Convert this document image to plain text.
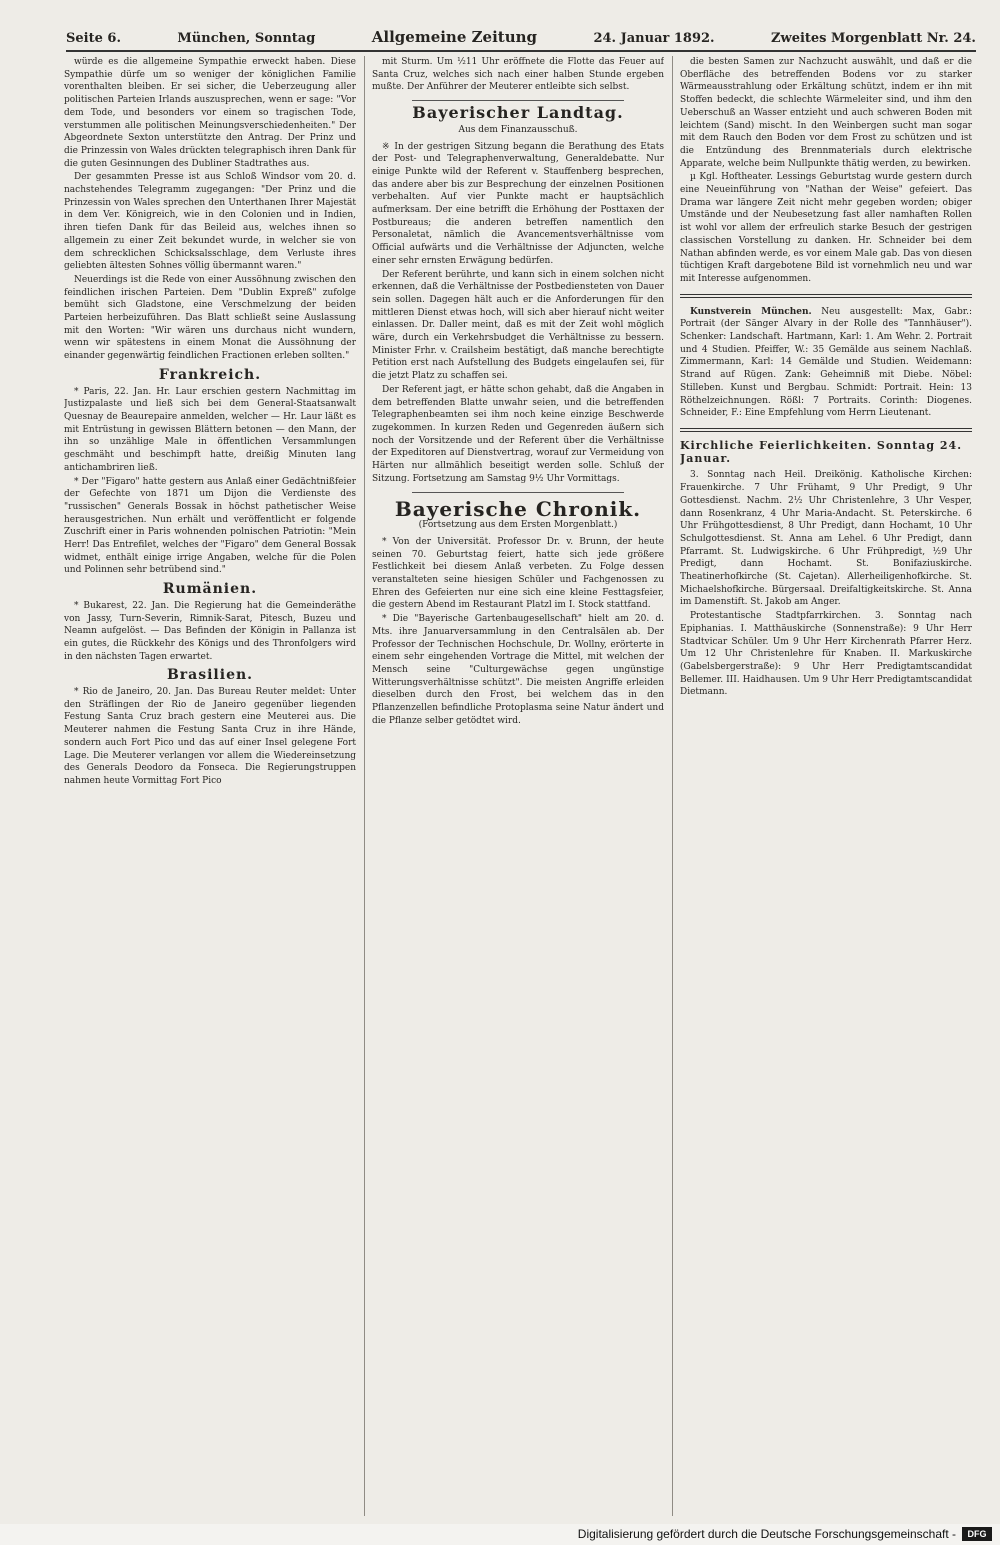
Seite 6.	München, Sonntag	Allgemeine Zeitung	24. Januar 1892.	Zweites Morgenblatt Nr. 24.

würde es die allgemeine Sympathie erweckt haben. Diese Sympathie dürfe um so weniger der königlichen Familie vorenthalten bleiben. Er sei sicher, die Ueberzeugung aller politischen Parteien Irlands auszusprechen, wenn er sage: "Vor dem Tode, und besonders vor einem so tragischen Tode, verstummen alle politischen Meinungsverschiedenheiten." Der Abgeordnete Sexton unterstützte den Antrag. Der Prinz und die Prinzessin von Wales drückten telegraphisch ihren Dank für die guten Gesinnungen des Dubliner Stadtrathes aus.

Der gesammten Presse ist aus Schloß Windsor vom 20. d. nachstehendes Telegramm zugegangen: "Der Prinz und die Prinzessin von Wales sprechen den Unterthanen Ihrer Majestät in dem Ver. Königreich, wie in den Colonien und in Indien, ihren tiefen Dank für das Beileid aus, welches ihnen so allgemein zu einer Zeit bekundet wurde, in welcher sie von dem schrecklichen Schicksalsschlage, dem Verluste ihres geliebten ältesten Sohnes völlig übermannt waren."

Neuerdings ist die Rede von einer Aussöhnung zwischen den feindlichen irischen Parteien. Dem "Dublin Expreß" zufolge bemüht sich Gladstone, eine Verschmelzung der beiden Parteien herbeizuführen. Das Blatt schließt seine Auslassung mit den Worten: "Wir wären uns durchaus nicht wundern, wenn wir spätestens in einem Monat die Aussöhnung der einander gegenwärtig feindlichen Fractionen erleben sollten."

Frankreich.

* Paris, 22. Jan. Hr. Laur erschien gestern Nachmittag im Justizpalaste und ließ sich bei dem General-Staatsanwalt Quesnay de Beaurepaire anmelden, welcher — Hr. Laur läßt es mit Entrüstung in gewissen Blättern betonen — den Mann, der ihn so unzählige Male in öffentlichen Versammlungen geschmäht und beschimpft hatte, dreißig Minuten lang antichambriren ließ.

* Der "Figaro" hatte gestern aus Anlaß einer Gedächtnißfeier der Gefechte von 1871 um Dijon die Verdienste des "russischen" Generals Bossak in höchst pathetischer Weise herausgestrichen. Nun erhält und veröffentlicht er folgende Zuschrift einer in Paris wohnenden polnischen Patriotin: "Mein Herr! Das Entrefilet, welches der "Figaro" dem General Bossak widmet, enthält einige irrige Angaben, welche für die Polen und Polinnen sehr betrübend sind."

Rumänien.

* Bukarest, 22. Jan. Die Regierung hat die Gemeinderäthe von Jassy, Turn-Severin, Rimnik-Sarat, Pitesch, Buzeu und Neamn aufgelöst. — Das Befinden der Königin in Pallanza ist ein gutes, die Rückkehr des Königs und des Thronfolgers wird in den nächsten Tagen erwartet.

Brasilien.

* Rio de Janeiro, 20. Jan. Das Bureau Reuter meldet: Unter den Sträflingen der Rio de Janeiro gegenüber liegenden Festung Santa Cruz brach gestern eine Meuterei aus. Die Meuterer nahmen die Festung Santa Cruz in ihre Hände, sondern auch Fort Pico und das auf einer Insel gelegene Fort Lage. Die Meuterer verlangen vor allem die Wiedereinsetzung des Generals Deodoro da Fonseca. Die Regierungstruppen nahmen heute Vormittag Fort Pico

mit Sturm. Um ½11 Uhr eröffnete die Flotte das Feuer auf Santa Cruz, welches sich nach einer halben Stunde ergeben mußte. Der Anführer der Meuterer entleibte sich selbst.

Bayerischer Landtag.
Aus dem Finanzausschuß.

※ In der gestrigen Sitzung begann die Berathung des Etats der Post- und Telegraphenverwaltung, Generaldebatte. Nur einige Punkte wild der Referent v. Stauffenberg besprechen, das andere aber bis zur Besprechung der einzelnen Positionen verbehalten. Auf vier Punkte macht er hauptsächlich aufmerksam. Der eine betrifft die Erhöhung der Posttaxen der Postbureaus; die anderen betreffen namentlich den Personaletat, nämlich die Avancementsverhältnisse vom Official aufwärts und die Verhältnisse der Adjuncten, welche einer sehr ernsten Erwägung bedürfen.

Der Referent berührte, und kann sich in einem solchen nicht erkennen, daß die Verhältnisse der Postbediensteten von Dauer sein sollen. Dagegen hält auch er die Anforderungen für den mittleren Dienst etwas hoch, will sich aber hierauf nicht weiter einlassen. Dr. Daller meint, daß es mit der Zeit wohl möglich wäre, durch ein Verkehrsbudget die Verhältnisse zu bessern. Minister Frhr. v. Crailsheim bestätigt, daß manche berechtigte Petition erst nach Aufstellung des Budgets eingelaufen sei, für die jetzt Platz zu schaffen sei.

Der Referent jagt, er hätte schon gehabt, daß die Angaben in dem betreffenden Blatte unwahr seien, und die betreffenden Telegraphenbeamten sei ihm noch keine einzige Beschwerde zugekommen. In kurzen Reden und Gegenreden äußern sich noch der Vorsitzende und der Referent über die Verhältnisse der Expeditoren auf Dienstvertrag, worauf zur Vermeidung von Härten nur allmählich beseitigt werden solle. Schluß der Sitzung. Fortsetzung am Samstag 9½ Uhr Vormittags.

Bayerische Chronik.
(Fortsetzung aus dem Ersten Morgenblatt.)

* Von der Universität. Professor Dr. v. Brunn, der heute seinen 70. Geburtstag feiert, hatte sich jede größere Festlichkeit bei diesem Anlaß verbeten. Zu Folge dessen veranstalteten seine hiesigen Schüler und Fachgenossen zu Ehren des Gefeierten nur eine sich eine kleine Festtagsfeier, die gestern Abend im Restaurant Platzl im I. Stock stattfand.

* Die "Bayerische Gartenbaugesellschaft" hielt am 20. d. Mts. ihre Januarversammlung in den Centralsälen ab. Der Professor der Technischen Hochschule, Dr. Wollny, erörterte in einem sehr eingehenden Vortrage die Mittel, mit welchen der Mensch seine "Culturgewächse gegen ungünstige Witterungsverhältnisse schützt". Die meisten Angriffe erleiden dieselben durch den Frost, bei welchem das in den Pflanzenzellen befindliche Protoplasma seine Natur ändert und die Pflanze selber getödtet wird.

die besten Samen zur Nachzucht auswählt, und daß er die Oberfläche des betreffenden Bodens vor zu starker Wärmeausstrahlung oder Erkältung schützt, indem er ihn mit Stoffen bedeckt, die schlechte Wärmeleiter sind, und ihm den Ueberschuß an Wasser entzieht und auch schweren Boden mit leichtem (Sand) mischt. In den Weinbergen sucht man sogar mit dem Rauch den Boden vor dem Frost zu schützen und ist die Entzündung des Brennmaterials durch elektrische Apparate, welche beim Nullpunkte thätig werden, zu bewirken.

µ Kgl. Hoftheater. Lessings Geburtstag wurde gestern durch eine Neueinführung von "Nathan der Weise" gefeiert. Das Drama war längere Zeit nicht mehr gegeben worden; obiger Umstände und der Neubesetzung fast aller namhaften Rollen ist wohl vor allem der erfreulich starke Besuch der gestrigen classischen Vorstellung zu danken. Hr. Schneider bei dem Nathan abfinden werde, es vor einem Male gab. Das von diesen tüchtigen Kraft dargebotene Bild ist vornehmlich neu und war mit Interesse aufgenommen.

Kunstverein München. Neu ausgestellt: Max, Gabr.: Portrait (der Sänger Alvary in der Rolle des "Tannhäuser"). Schenker: Landschaft. Hartmann, Karl: 1. Am Wehr. 2. Portrait und 4 Studien. Pfeiffer, W.: 35 Gemälde aus seinem Nachlaß. Zimmermann, Karl: 14 Gemälde und Studien. Weidemann: Strand auf Rügen. Zank: Geheimniß mit Diebe. Nöbel: Stilleben. Kunst und Bergbau. Schmidt: Portrait. Hein: 13 Röthelzeichnungen. Rößl: 7 Portraits. Corinth: Diogenes. Schneider, F.: Eine Empfehlung vom Herrn Lieutenant.

Kirchliche Feierlichkeiten. Sonntag 24. Januar.

3. Sonntag nach Heil. Dreikönig. Katholische Kirchen: Frauenkirche. 7 Uhr Frühamt, 9 Uhr Predigt, 9 Uhr Gottesdienst. Nachm. 2½ Uhr Christenlehre, 3 Uhr Vesper, dann Rosenkranz, 4 Uhr Maria-Andacht. St. Peterskirche. 6 Uhr Frühgottesdienst, 8 Uhr Predigt, dann Hochamt, 10 Uhr Schulgottesdienst. St. Anna am Lehel. 6 Uhr Predigt, dann Pfarramt. St. Ludwigskirche. 6 Uhr Frühpredigt, ½9 Uhr Predigt, dann Hochamt. St. Bonifaziuskirche. Theatinerhofkirche (St. Cajetan). Allerheiligenhofkirche. St. Michaelshofkirche. Bürgersaal. Dreifaltigkeitskirche. St. Anna im Damenstift. St. Jakob am Anger.

Protestantische Stadtpfarrkirchen. 3. Sonntag nach Epiphanias. I. Matthäuskirche (Sonnenstraße): 9 Uhr Herr Stadtvicar Schüler. Um 9 Uhr Herr Kirchenrath Pfarrer Herz. Um 12 Uhr Christenlehre für Knaben. II. Markuskirche (Gabelsbergerstraße): 9 Uhr Herr Predigtamtscandidat Bellemer. III. Haidhausen. Um 9 Uhr Herr Predigtamtscandidat Dietmann.

Digitalisierung gefördert durch die Deutsche Forschungsgemeinschaft -	DFG
